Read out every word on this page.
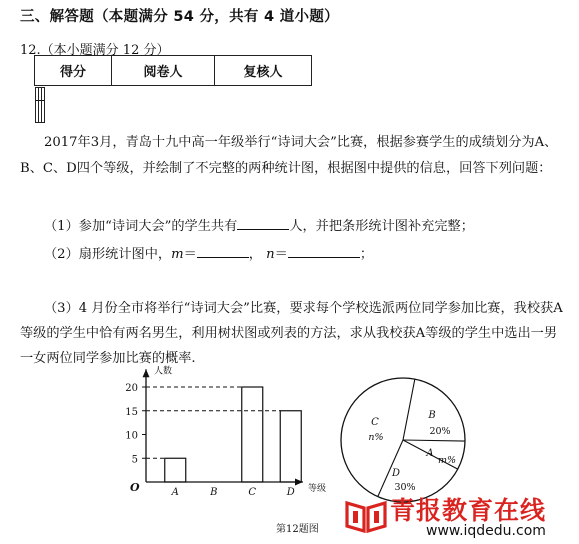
三、解答题（本题满分 54 分，共有 4 道小题）
12.（本小题满分 12 分）
得分	阅卷人	复核人

2017年3月，青岛十九中高一年级举行“诗词大会”比赛，根据参赛学生的成绩划分为A、B、C、D四个等级，并绘制了不完整的两种统计图，根据图中提供的信息，回答下列问题：
（1）参加“诗词大会”的学生共有	人，并把条形统计图补充完整；
（2）扇形统计图中，m＝	， n＝	；
（3）4 月份全市将举行“诗词大会”比赛，要求每个学校选派两位同学参加比赛，我校获A等级的学生中恰有两名男生，利用树状图或列表的方法，求从我校获A等级的学生中选出一男一女两位同学参加比赛的概率.
人数
等级
O
5
10
15
20
A	B	C	D
A
m%
B
20%
C
n%
D
30%
第12题图
青报教育在线
www.iqdedu.com
